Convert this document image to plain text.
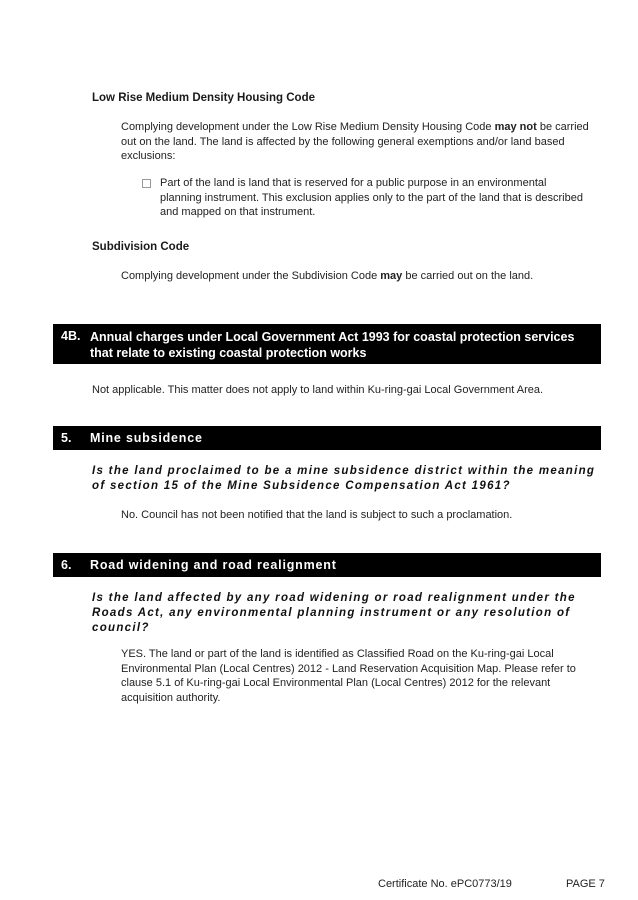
Low Rise Medium Density Housing Code
Complying development under the Low Rise Medium Density Housing Code may not be carried out on the land. The land is affected by the following general exemptions and/or land based exclusions:
Part of the land is land that is reserved for a public purpose in an environmental planning instrument. This exclusion applies only to the part of the land that is described and mapped on that instrument.
Subdivision Code
Complying development under the Subdivision Code may be carried out on the land.
4B. Annual charges under Local Government Act 1993 for coastal protection services that relate to existing coastal protection works
Not applicable. This matter does not apply to land within Ku-ring-gai Local Government Area.
5. Mine subsidence
Is the land proclaimed to be a mine subsidence district within the meaning of section 15 of the Mine Subsidence Compensation Act 1961?
No. Council has not been notified that the land is subject to such a proclamation.
6. Road widening and road realignment
Is the land affected by any road widening or road realignment under the Roads Act, any environmental planning instrument or any resolution of council?
YES. The land or part of the land is identified as Classified Road on the Ku-ring-gai Local Environmental Plan (Local Centres) 2012 - Land Reservation Acquisition Map. Please refer to clause 5.1 of Ku-ring-gai Local Environmental Plan (Local Centres) 2012 for the relevant acquisition authority.
Certificate No. ePC0773/19	PAGE 7
